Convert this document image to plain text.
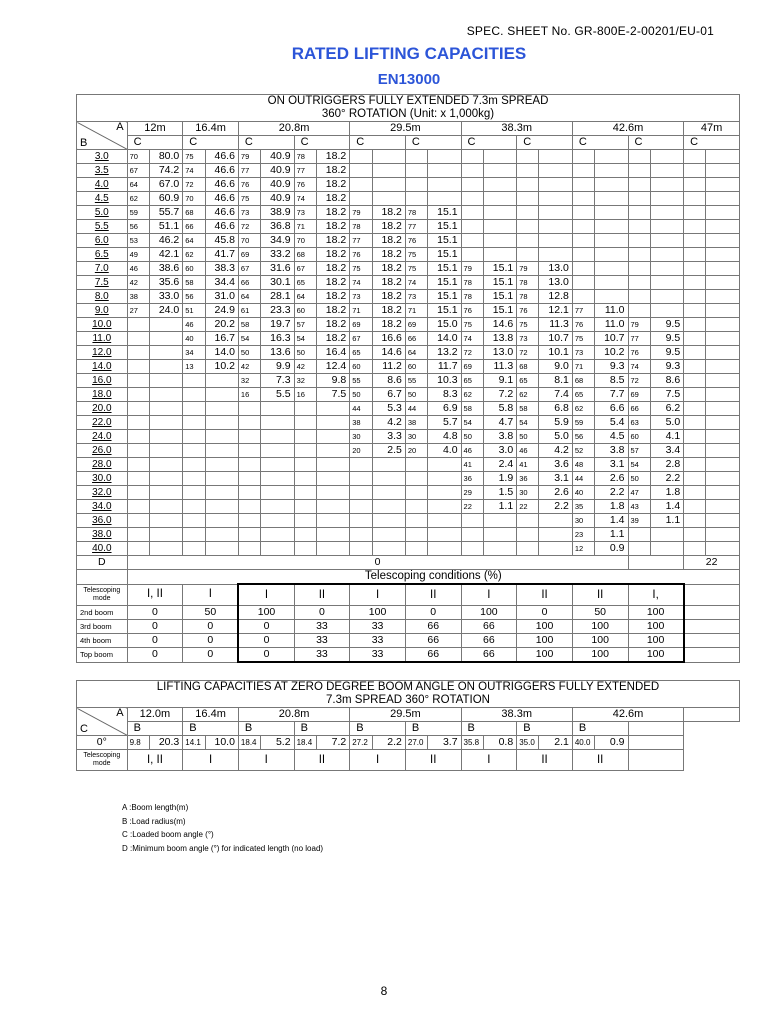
SPEC. SHEET No. GR-800E-2-00201/EU-01
RATED LIFTING CAPACITIES
EN13000
ON OUTRIGGERS FULLY EXTENDED 7.3m SPREAD
360° ROTATION (Unit: x 1,000kg)																						

A
B	12m		16.4m		20.8m				29.5m				38.3m				42.6m				47m	
	C		C		C		C		C		C		C		C		C		C		C	
3.0	70	80.0	75	46.6	79	40.9	78	18.2														
3.5	67	74.2	74	46.6	77	40.9	77	18.2														
4.0	64	67.0	72	46.6	76	40.9	76	18.2														
4.5	62	60.9	70	46.6	75	40.9	74	18.2														
5.0	59	55.7	68	46.6	73	38.9	73	18.2	79	18.2	78	15.1										
5.5	56	51.1	66	46.6	72	36.8	71	18.2	78	18.2	77	15.1										
6.0	53	46.2	64	45.8	70	34.9	70	18.2	77	18.2	76	15.1										
6.5	49	42.1	62	41.7	69	33.2	68	18.2	76	18.2	75	15.1										
7.0	46	38.6	60	38.3	67	31.6	67	18.2	75	18.2	75	15.1	79	15.1	79	13.0						
7.5	42	35.6	58	34.4	66	30.1	65	18.2	74	18.2	74	15.1	78	15.1	78	13.0						
8.0	38	33.0	56	31.0	64	28.1	64	18.2	73	18.2	73	15.1	78	15.1	78	12.8						
9.0	27	24.0	51	24.9	61	23.3	60	18.2	71	18.2	71	15.1	76	15.1	76	12.1	77	11.0				
10.0			46	20.2	58	19.7	57	18.2	69	18.2	69	15.0	75	14.6	75	11.3	76	11.0	79	9.5		
11.0			40	16.7	54	16.3	54	18.2	67	16.6	66	14.0	74	13.8	73	10.7	75	10.7	77	9.5		
12.0			34	14.0	50	13.6	50	16.4	65	14.6	64	13.2	72	13.0	72	10.1	73	10.2	76	9.5		
14.0			13	10.2	42	9.9	42	12.4	60	11.2	60	11.7	69	11.3	68	9.0	71	9.3	74	9.3		
16.0					32	7.3	32	9.8	55	8.6	55	10.3	65	9.1	65	8.1	68	8.5	72	8.6		
18.0					16	5.5	16	7.5	50	6.7	50	8.3	62	7.2	62	7.4	65	7.7	69	7.5		
20.0									44	5.3	44	6.9	58	5.8	58	6.8	62	6.6	66	6.2		
22.0									38	4.2	38	5.7	54	4.7	54	5.9	59	5.4	63	5.0		
24.0									30	3.3	30	4.8	50	3.8	50	5.0	56	4.5	60	4.1		
26.0									20	2.5	20	4.0	46	3.0	46	4.2	52	3.8	57	3.4		
28.0													41	2.4	41	3.6	48	3.1	54	2.8		
30.0													36	1.9	36	3.1	44	2.6	50	2.2		
32.0													29	1.5	30	2.6	40	2.2	47	1.8		
34.0													22	1.1	22	2.2	35	1.8	43	1.4		
36.0																	30	1.4	39	1.1		
38.0																	23	1.1				
40.0																	12	0.9				
D	0																				22	
	Telescoping conditions (%)																					
Telescoping mode	I, II		I		I		II		I		II		I		II		II		I,			
2nd boom	0		50		100		0		100		0		100		0		50		100			
3rd boom	0		0		0		33		33		66		66		100		100		100			
4th boom	0		0		0		33		33		66		66		100		100		100			
Top boom	0		0		0		33		33		66		66		100		100		100			
LIFTING CAPACITIES AT ZERO DEGREE BOOM ANGLE ON OUTRIGGERS FULLY EXTENDED
7.3m SPREAD 360° ROTATION																				

A
C	12.0m		16.4m		20.8m				29.5m				38.3m				42.6m			
	B		B		B		B		B		B		B		B		B			
0°	9.8	20.3	14.1	10.0	18.4	5.2	18.4	7.2	27.2	2.2	27.0	3.7	35.8	0.8	35.0	2.1	40.0	0.9		
Telescoping mode	I, II		I		I		II		I		II		I		II		II			
A :Boom length(m)
B :Load radius(m)
C :Loaded boom angle (°)
D :Minimum boom angle (°) for indicated length (no load)
8
